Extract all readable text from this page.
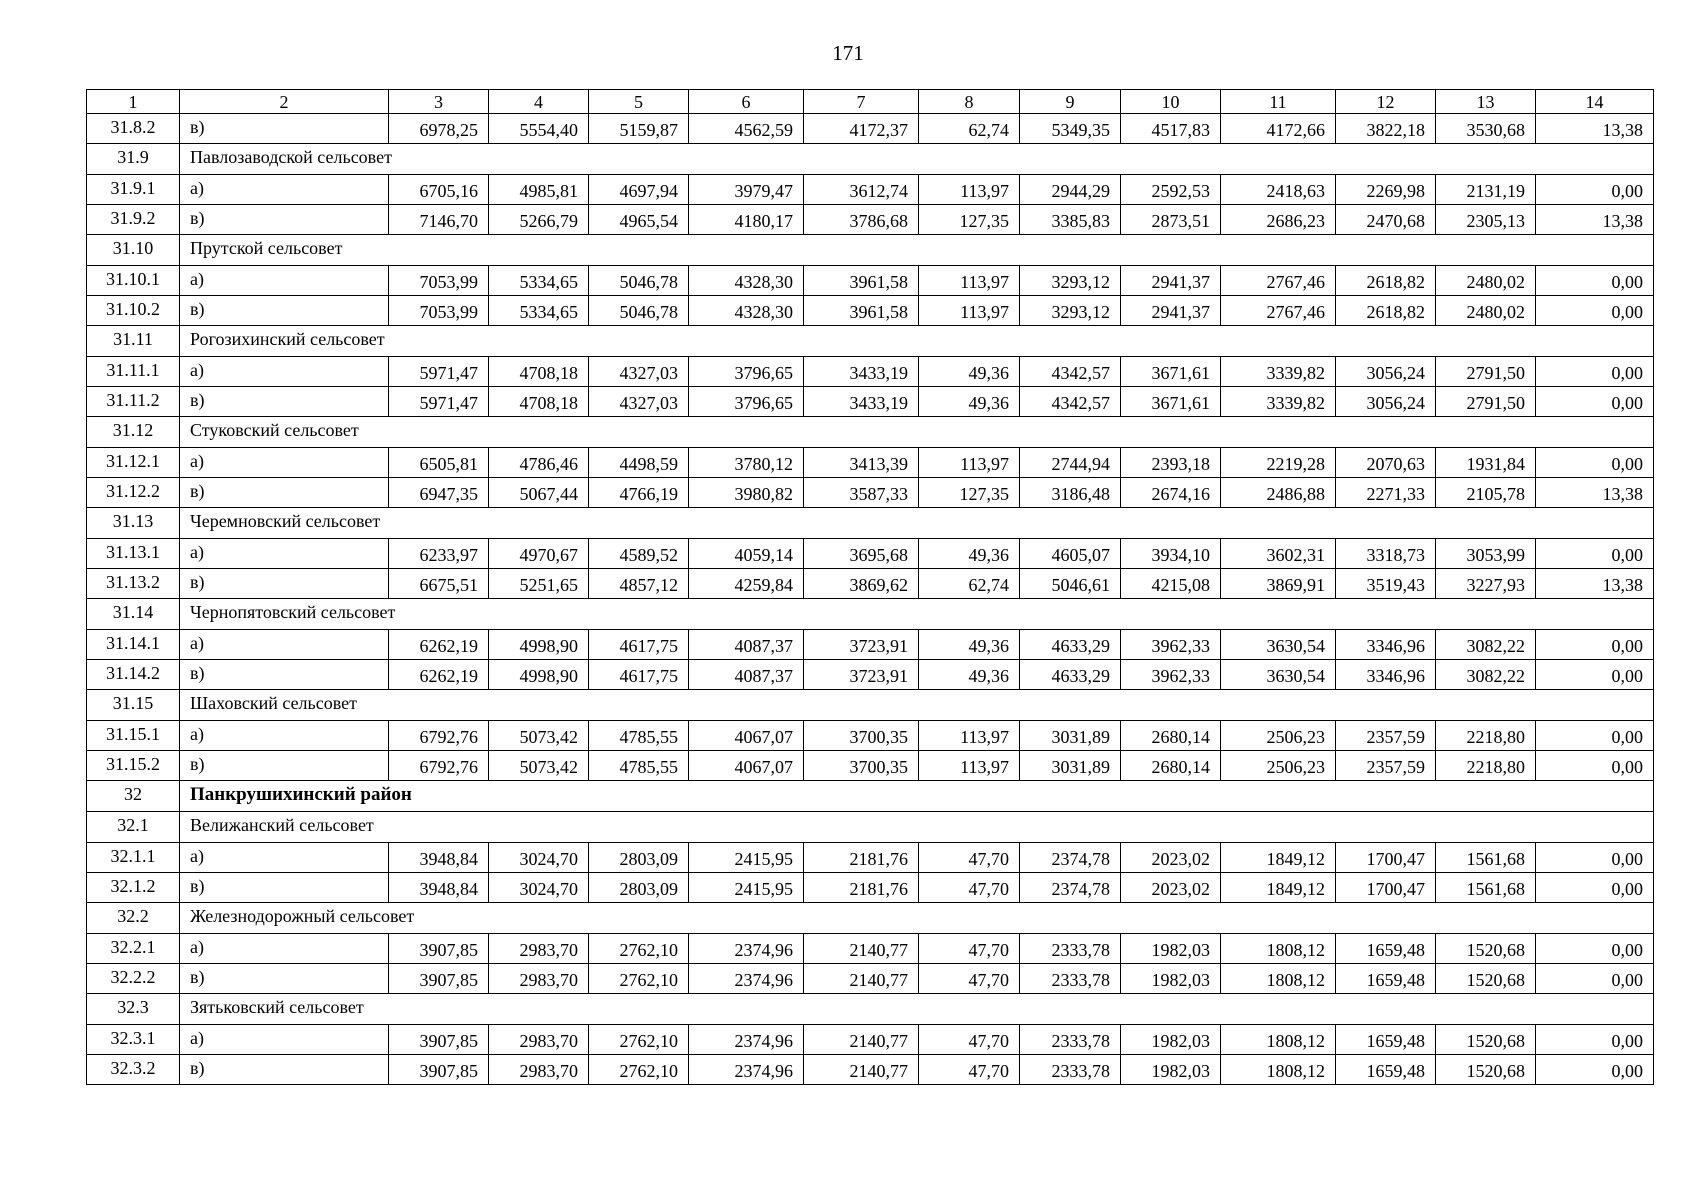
171
1	2	3	4	5	6	7	8	9	10	11	12	13	14
31.8.2	в)	6978,25	5554,40	5159,87	4562,59	4172,37	62,74	5349,35	4517,83	4172,66	3822,18	3530,68	13,38
31.9	Павлозаводской сельсовет												
31.9.1	а)	6705,16	4985,81	4697,94	3979,47	3612,74	113,97	2944,29	2592,53	2418,63	2269,98	2131,19	0,00
31.9.2	в)	7146,70	5266,79	4965,54	4180,17	3786,68	127,35	3385,83	2873,51	2686,23	2470,68	2305,13	13,38
31.10	Прутской сельсовет												
31.10.1	а)	7053,99	5334,65	5046,78	4328,30	3961,58	113,97	3293,12	2941,37	2767,46	2618,82	2480,02	0,00
31.10.2	в)	7053,99	5334,65	5046,78	4328,30	3961,58	113,97	3293,12	2941,37	2767,46	2618,82	2480,02	0,00
31.11	Рогозихинский сельсовет												
31.11.1	а)	5971,47	4708,18	4327,03	3796,65	3433,19	49,36	4342,57	3671,61	3339,82	3056,24	2791,50	0,00
31.11.2	в)	5971,47	4708,18	4327,03	3796,65	3433,19	49,36	4342,57	3671,61	3339,82	3056,24	2791,50	0,00
31.12	Стуковский сельсовет												
31.12.1	а)	6505,81	4786,46	4498,59	3780,12	3413,39	113,97	2744,94	2393,18	2219,28	2070,63	1931,84	0,00
31.12.2	в)	6947,35	5067,44	4766,19	3980,82	3587,33	127,35	3186,48	2674,16	2486,88	2271,33	2105,78	13,38
31.13	Черемновский сельсовет												
31.13.1	а)	6233,97	4970,67	4589,52	4059,14	3695,68	49,36	4605,07	3934,10	3602,31	3318,73	3053,99	0,00
31.13.2	в)	6675,51	5251,65	4857,12	4259,84	3869,62	62,74	5046,61	4215,08	3869,91	3519,43	3227,93	13,38
31.14	Чернопятовский сельсовет												
31.14.1	а)	6262,19	4998,90	4617,75	4087,37	3723,91	49,36	4633,29	3962,33	3630,54	3346,96	3082,22	0,00
31.14.2	в)	6262,19	4998,90	4617,75	4087,37	3723,91	49,36	4633,29	3962,33	3630,54	3346,96	3082,22	0,00
31.15	Шаховский сельсовет												
31.15.1	а)	6792,76	5073,42	4785,55	4067,07	3700,35	113,97	3031,89	2680,14	2506,23	2357,59	2218,80	0,00
31.15.2	в)	6792,76	5073,42	4785,55	4067,07	3700,35	113,97	3031,89	2680,14	2506,23	2357,59	2218,80	0,00
32	Панкрушихинский район												
32.1	Велижанский сельсовет												
32.1.1	а)	3948,84	3024,70	2803,09	2415,95	2181,76	47,70	2374,78	2023,02	1849,12	1700,47	1561,68	0,00
32.1.2	в)	3948,84	3024,70	2803,09	2415,95	2181,76	47,70	2374,78	2023,02	1849,12	1700,47	1561,68	0,00
32.2	Железнодорожный сельсовет												
32.2.1	а)	3907,85	2983,70	2762,10	2374,96	2140,77	47,70	2333,78	1982,03	1808,12	1659,48	1520,68	0,00
32.2.2	в)	3907,85	2983,70	2762,10	2374,96	2140,77	47,70	2333,78	1982,03	1808,12	1659,48	1520,68	0,00
32.3	Зятьковский сельсовет												
32.3.1	а)	3907,85	2983,70	2762,10	2374,96	2140,77	47,70	2333,78	1982,03	1808,12	1659,48	1520,68	0,00
32.3.2	в)	3907,85	2983,70	2762,10	2374,96	2140,77	47,70	2333,78	1982,03	1808,12	1659,48	1520,68	0,00
